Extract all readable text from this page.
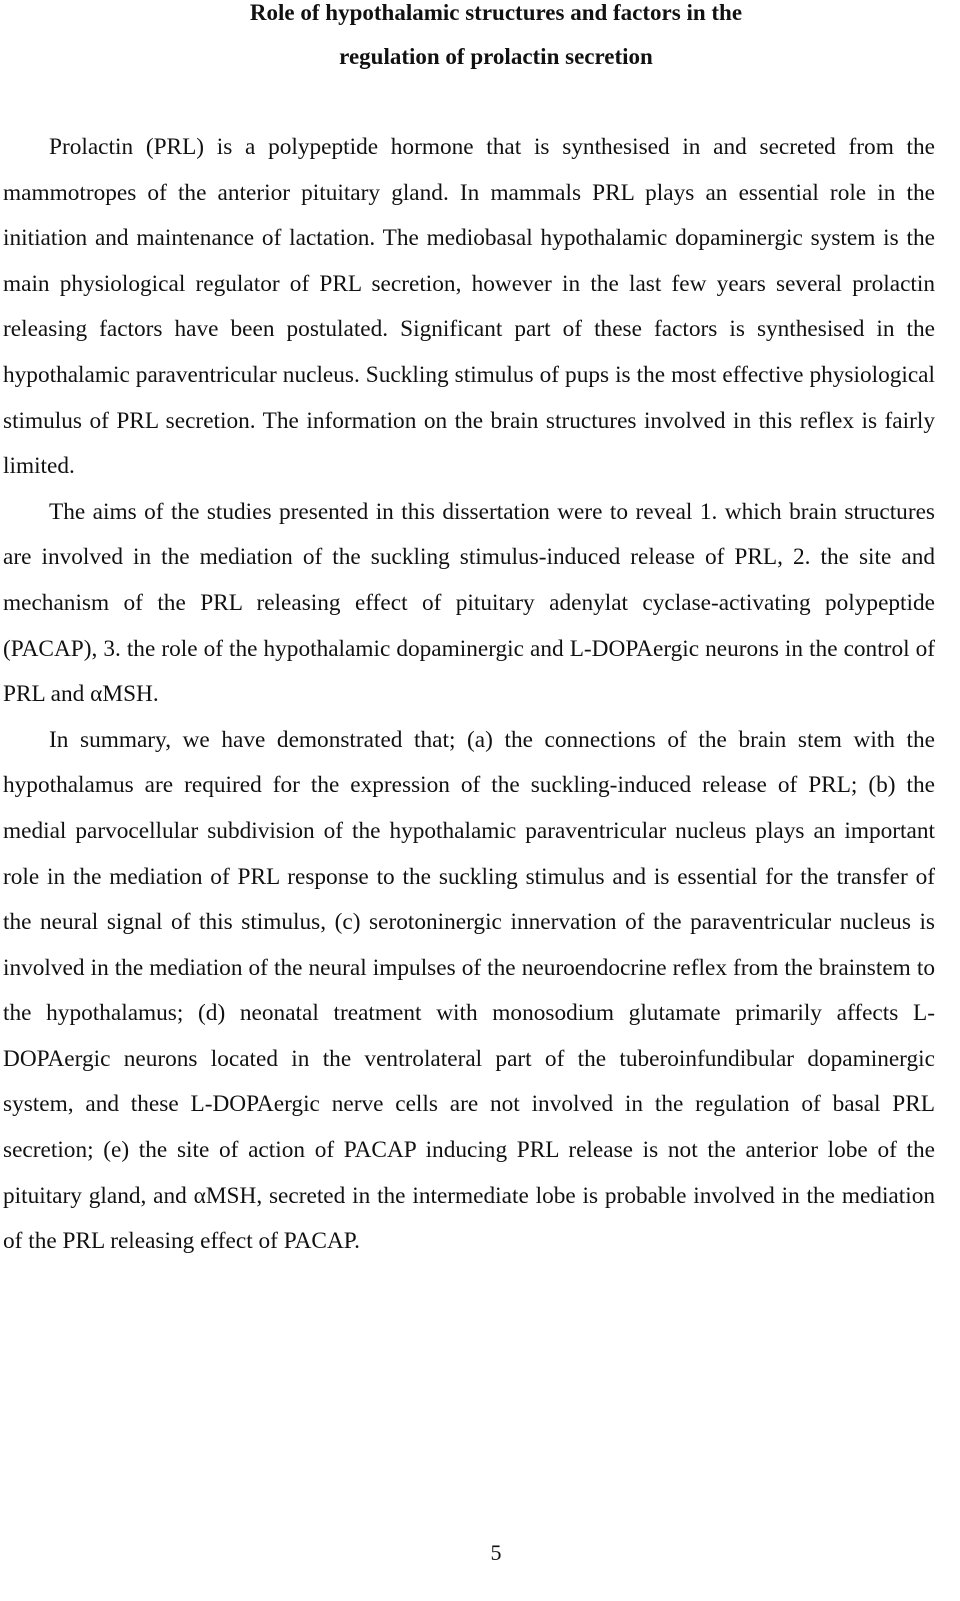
Role of hypothalamic structures and factors in the
regulation of prolactin secretion

Prolactin (PRL) is a polypeptide hormone that is synthesised in and secreted from the mammotropes of the anterior pituitary gland. In mammals PRL plays an essential role in the initiation and maintenance of lactation. The mediobasal hypothalamic dopaminergic system is the main physiological regulator of PRL secretion, however in the last few years several prolactin releasing factors have been postulated. Significant part of these factors is synthesised in the hypothalamic paraventricular nucleus. Suckling stimulus of pups is the most effective physiological stimulus of PRL secretion. The information on the brain structures involved in this reflex is fairly limited.

The aims of the studies presented in this dissertation were to reveal 1. which brain structures are involved in the mediation of the suckling stimulus-induced release of PRL, 2. the site and mechanism of the PRL releasing effect of pituitary adenylat cyclase-activating polypeptide (PACAP), 3. the role of the hypothalamic dopaminergic and L-DOPAergic neurons in the control of PRL and αMSH.

In summary, we have demonstrated that; (a) the connections of the brain stem with the hypothalamus are required for the expression of the suckling-induced release of PRL; (b) the medial parvocellular subdivision of the hypothalamic paraventricular nucleus plays an important role in the mediation of PRL response to the suckling stimulus and is essential for the transfer of the neural signal of this stimulus, (c) serotoninergic innervation of the paraventricular nucleus is involved in the mediation of the neural impulses of the neuroendocrine reflex from the brainstem to the hypothalamus; (d) neonatal treatment with monosodium glutamate primarily affects L-DOPAergic neurons located in the ventrolateral part of the tuberoinfundibular dopaminergic system, and these L-DOPAergic nerve cells are not involved in the regulation of basal PRL secretion; (e) the site of action of PACAP inducing PRL release is not the anterior lobe of the pituitary gland, and αMSH, secreted in the intermediate lobe is probable involved in the mediation of the PRL releasing effect of PACAP.

5
